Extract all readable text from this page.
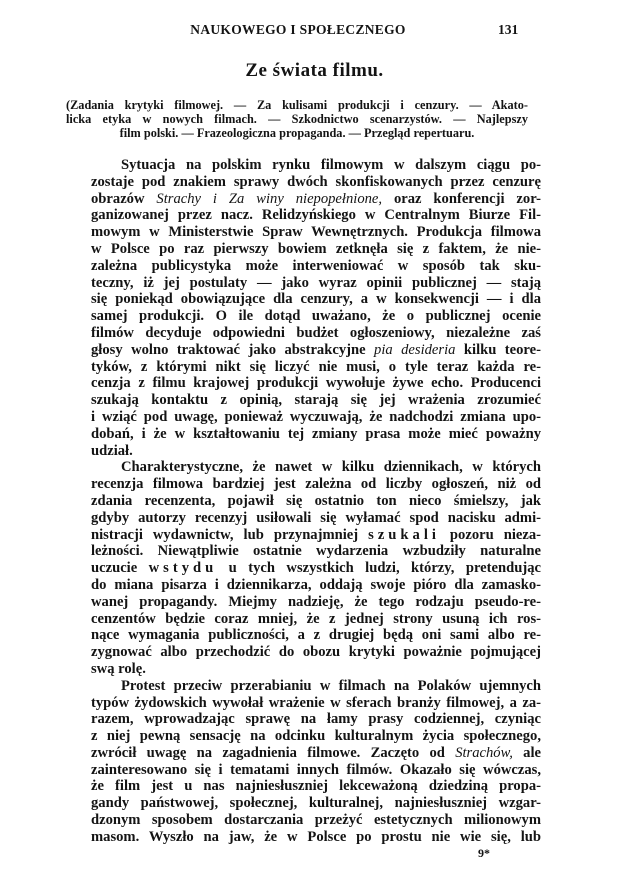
NAUKOWEGO I SPOŁECZNEGO	131
Ze świata filmu.
(Zadania krytyki filmowej. — Za kulisami produkcji i cenzury. — Akato-
licka etyka w nowych filmach. — Szkodnictwo scenarzystów. — Najlepszy
film polski. — Frazeologiczna propaganda. — Przegląd repertuaru.
Sytuacja na polskim rynku filmowym w dalszym ciągu po-
zostaje pod znakiem sprawy dwóch skonfiskowanych przez cenzurę
obrazów Strachy i Za winy niepopełnione, oraz konferencji zor-
ganizowanej przez nacz. Relidzyńskiego w Centralnym Biurze Fil-
mowym w Ministerstwie Spraw Wewnętrznych. Produkcja filmowa
w Polsce po raz pierwszy bowiem zetknęła się z faktem, że nie-
zależna publicystyka może interweniować w sposób tak sku-
teczny, iż jej postulaty — jako wyraz opinii publicznej — stają
się poniekąd obowiązujące dla cenzury, a w konsekwencji — i dla
samej produkcji. O ile dotąd uważano, że o publicznej ocenie
filmów decyduje odpowiedni budżet ogłoszeniowy, niezależne zaś
głosy wolno traktować jako abstrakcyjne pia desideria kilku teore-
tyków, z którymi nikt się liczyć nie musi, o tyle teraz każda re-
cenzja z filmu krajowej produkcji wywołuje żywe echo. Producenci
szukają kontaktu z opinią, starają się jej wrażenia zrozumieć
i wziąć pod uwagę, ponieważ wyczuwają, że nadchodzi zmiana upo-
dobań, i że w kształtowaniu tej zmiany prasa może mieć poważny
udział.
Charakterystyczne, że nawet w kilku dziennikach, w których
recenzja filmowa bardziej jest zależna od liczby ogłoszeń, niż od
zdania recenzenta, pojawił się ostatnio ton nieco śmielszy, jak
gdyby autorzy recenzyj usiłowali się wyłamać spod nacisku admi-
nistracji wydawnictw, lub przynajmniej szukali pozoru nieza-
leżności. Niewątpliwie ostatnie wydarzenia wzbudziły naturalne
uczucie wstydu u tych wszystkich ludzi, którzy, pretendując
do miana pisarza i dziennikarza, oddają swoje pióro dla zamasko-
wanej propagandy. Miejmy nadzieję, że tego rodzaju pseudo-re-
cenzentów będzie coraz mniej, że z jednej strony usuną ich ros-
nące wymagania publiczności, a z drugiej będą oni sami albo re-
zygnować albo przechodzić do obozu krytyki poważnie pojmującej
swą rolę.
Protest przeciw przerabianiu w filmach na Polaków ujemnych
typów żydowskich wywołał wrażenie w sferach branży filmowej, a za-
razem, wprowadzając sprawę na łamy prasy codziennej, czyniąc
z niej pewną sensację na odcinku kulturalnym życia społecznego,
zwrócił uwagę na zagadnienia filmowe. Zaczęto od Strachów, ale
zainteresowano się i tematami innych filmów. Okazało się wówczas,
że film jest u nas najniesłuszniej lekceważoną dziedziną propa-
gandy państwowej, społecznej, kulturalnej, najniesłuszniej wzgar-
dzonym sposobem dostarczania przeżyć estetycznych milionowym
masom. Wyszło na jaw, że w Polsce po prostu nie wie się, lub
9*
